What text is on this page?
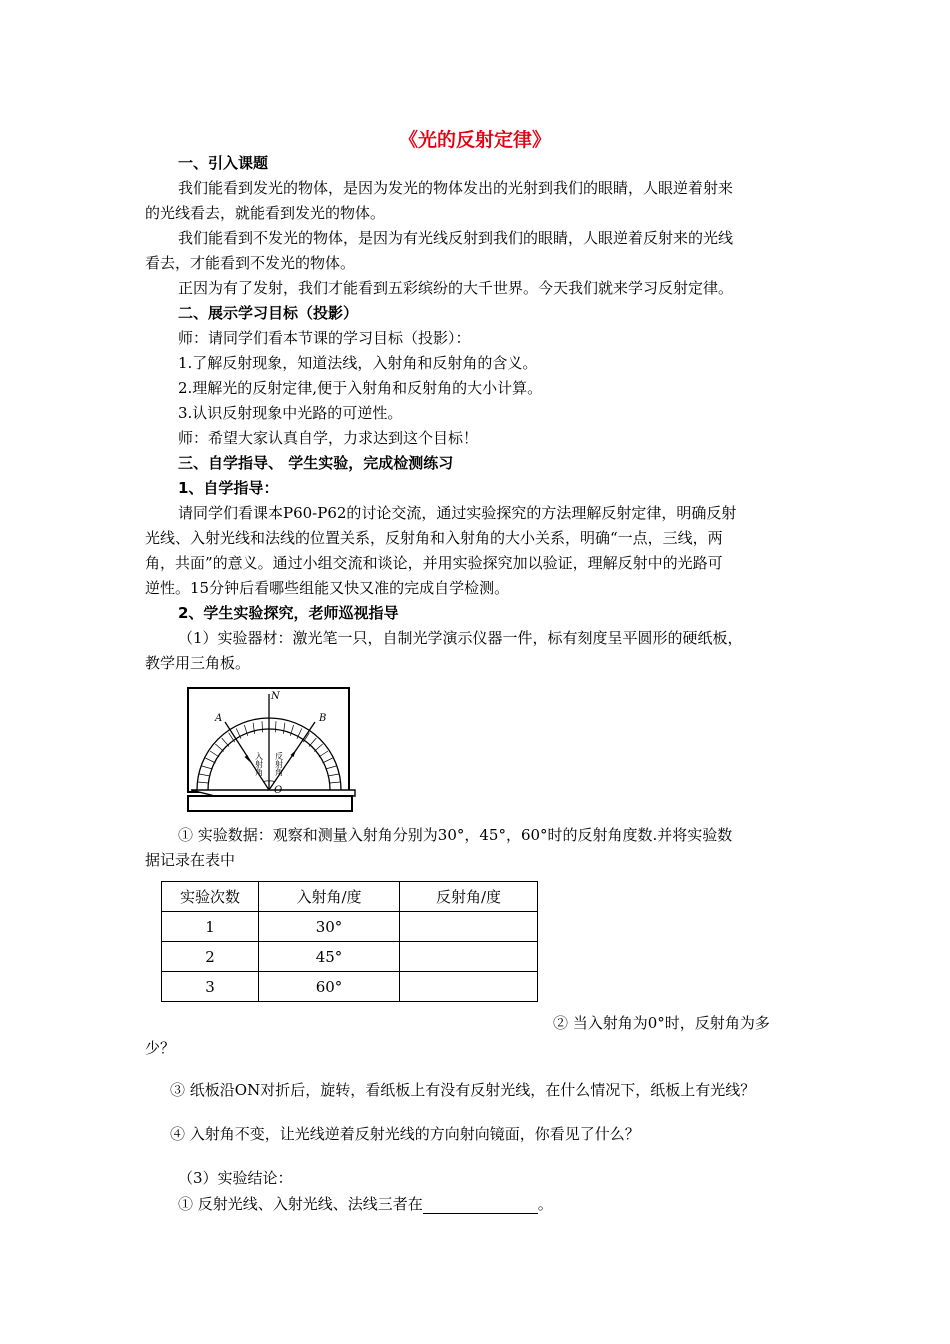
《光的反射定律》
一、引入课题
我们能看到发光的物体，是因为发光的物体发出的光射到我们的眼睛，人眼逆着射来
的光线看去，就能看到发光的物体。
我们能看到不发光的物体，是因为有光线反射到我们的眼睛，人眼逆着反射来的光线
看去，才能看到不发光的物体。
正因为有了发射，我们才能看到五彩缤纷的大千世界。今天我们就来学习反射定律。
二、展示学习目标（投影）
师：请同学们看本节课的学习目标（投影）：
1.了解反射现象，知道法线，入射角和反射角的含义。
2.理解光的反射定律,便于入射角和反射角的大小计算。
3.认识反射现象中光路的可逆性。
师：希望大家认真自学，力求达到这个目标！
三、自学指导、 学生实验，完成检测练习
1、自学指导：
请同学们看课本P60-P62的讨论交流，通过实验探究的方法理解反射定律，明确反射
光线、入射光线和法线的位置关系，反射角和入射角的大小关系，明确“一点，三线，两
角，共面”的意义。通过小组交流和谈论，并用实验探究加以验证，理解反射中的光路可
逆性。15分钟后看哪些组能又快又准的完成自学检测。
2、学生实验探究，老师巡视指导
（1）实验器材：激光笔一只，自制光学演示仪器一件，标有刻度呈平圆形的硬纸板，
教学用三角板。
N
A	B
O
入射角 反射角
① 实验数据：观察和测量入射角分别为30°，45°，60°时的反射角度数.并将实验数
据记录在表中
实验次数	入射角/度	反射角/度
1	30°	
2	45°	
3	60°	
② 当入射角为0°时，反射角为多
少？
③ 纸板沿ON对折后，旋转，看纸板上有没有反射光线，在什么情况下，纸板上有光线？
④ 入射角不变，让光线逆着反射光线的方向射向镜面，你看见了什么？
（3）实验结论：
① 反射光线、入射光线、法线三者在	。
